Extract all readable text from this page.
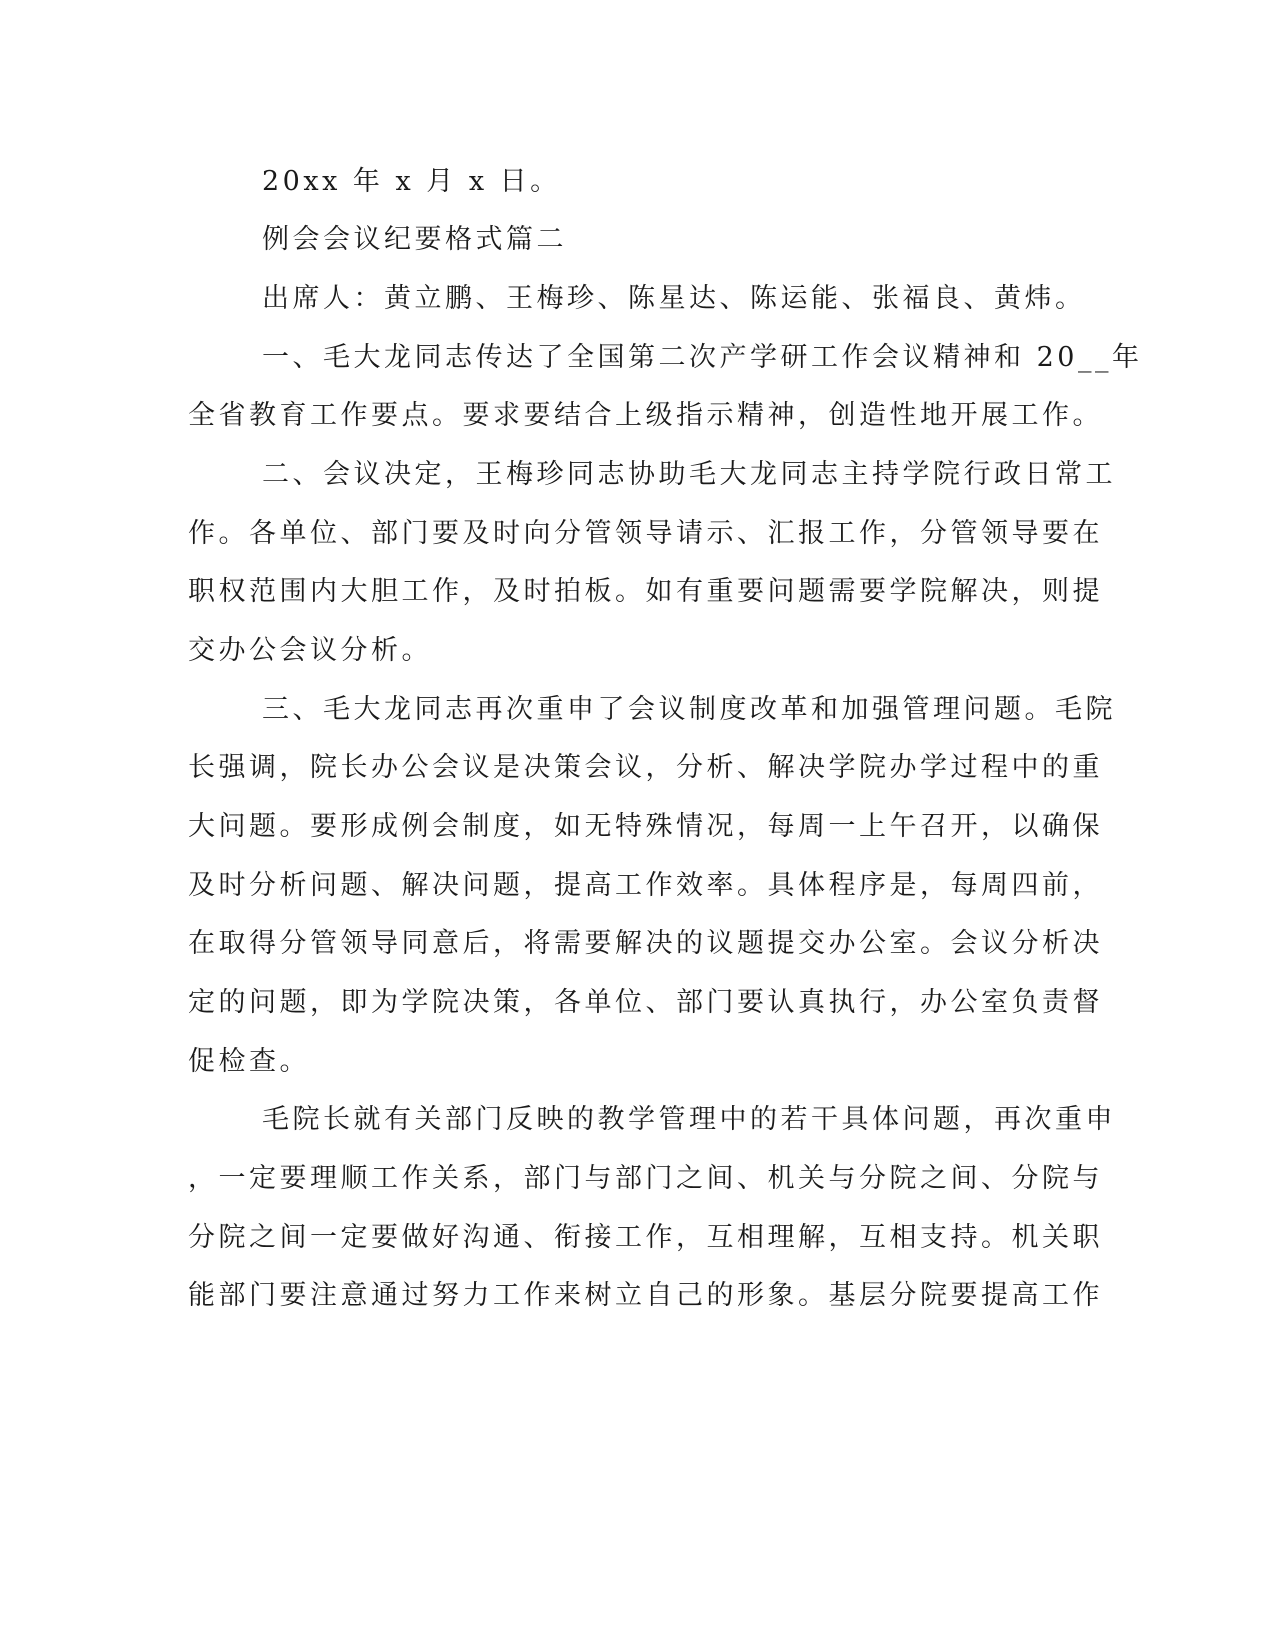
20xx 年 x 月 x 日。
例会会议纪要格式篇二
出席人：黄立鹏、王梅珍、陈星达、陈运能、张福良、黄炜。
一、毛大龙同志传达了全国第二次产学研工作会议精神和 20__年
全省教育工作要点。要求要结合上级指示精神，创造性地开展工作。
二、会议决定，王梅珍同志协助毛大龙同志主持学院行政日常工
作。各单位、部门要及时向分管领导请示、汇报工作，分管领导要在
职权范围内大胆工作，及时拍板。如有重要问题需要学院解决，则提
交办公会议分析。
三、毛大龙同志再次重申了会议制度改革和加强管理问题。毛院
长强调，院长办公会议是决策会议，分析、解决学院办学过程中的重
大问题。要形成例会制度，如无特殊情况，每周一上午召开，以确保
及时分析问题、解决问题，提高工作效率。具体程序是，每周四前，
在取得分管领导同意后，将需要解决的议题提交办公室。会议分析决
定的问题，即为学院决策，各单位、部门要认真执行，办公室负责督
促检查。
毛院长就有关部门反映的教学管理中的若干具体问题，再次重申
，一定要理顺工作关系，部门与部门之间、机关与分院之间、分院与
分院之间一定要做好沟通、衔接工作，互相理解，互相支持。机关职
能部门要注意通过努力工作来树立自己的形象。基层分院要提高工作
